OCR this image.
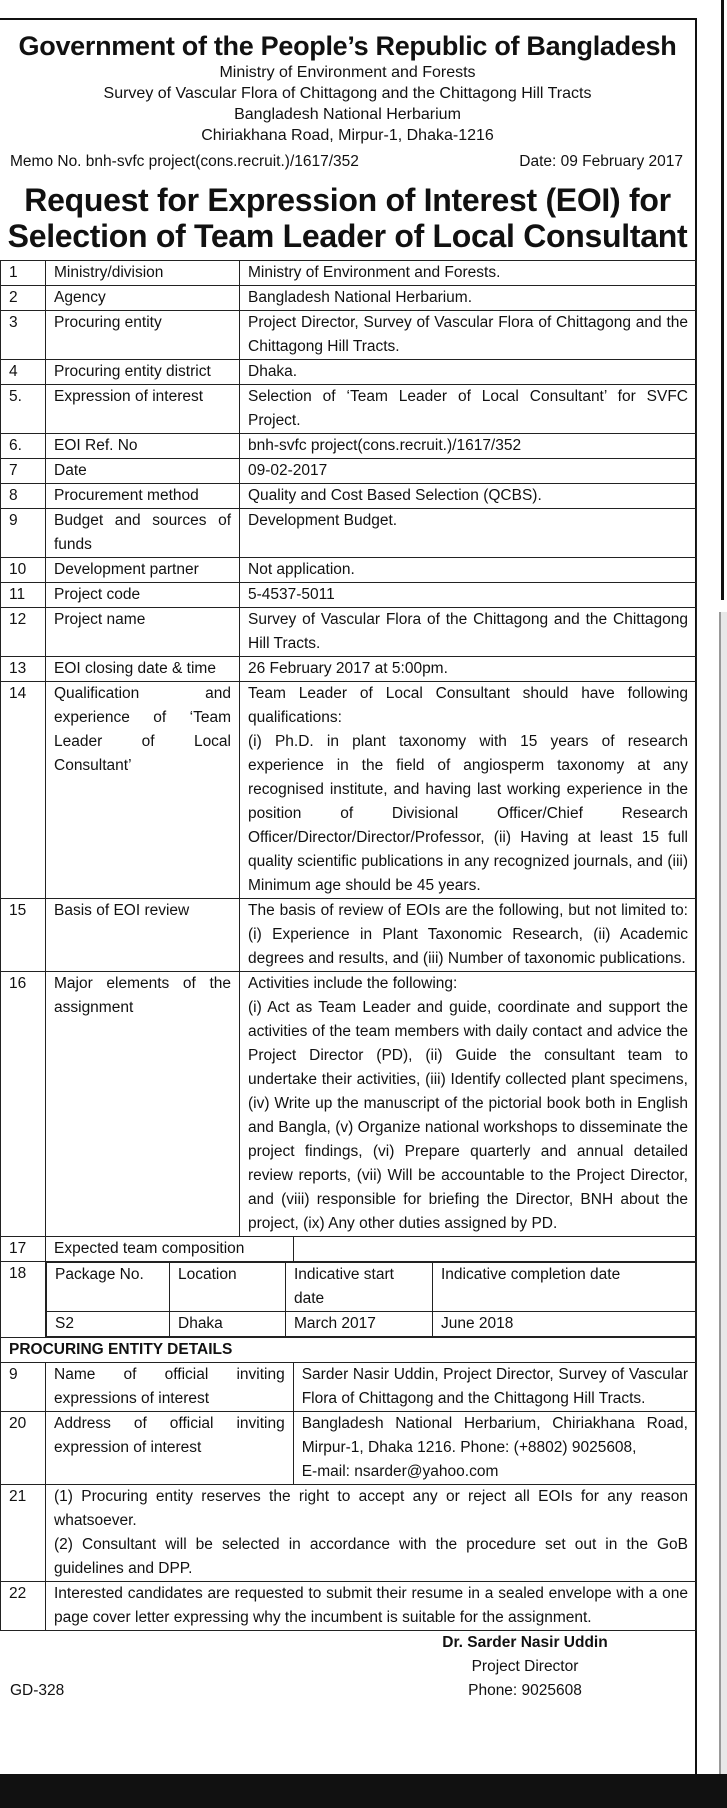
Government of the People’s Republic of Bangladesh
Ministry of Environment and Forests
Survey of Vascular Flora of Chittagong and the Chittagong Hill Tracts
Bangladesh National Herbarium
Chiriakhana Road, Mirpur-1, Dhaka-1216
Memo No. bnh-svfc project(cons.recruit.)/1617/352	Date: 09 February 2017
Request for Expression of Interest (EOI) for
Selection of Team Leader of Local Consultant
1	Ministry/division	Ministry of Environment and Forests.
2	Agency	Bangladesh National Herbarium.
3	Procuring entity	Project Director, Survey of Vascular Flora of Chittagong and the Chittagong Hill Tracts.
4	Procuring entity district	Dhaka.
5.	Expression of interest	Selection of ‘Team Leader of Local Consultant’ for SVFC Project.
6.	EOI Ref. No	bnh-svfc project(cons.recruit.)/1617/352
7	Date	09-02-2017
8	Procurement method	Quality and Cost Based Selection (QCBS).
9	Budget and sources of funds	Development Budget.
10	Development partner	Not application.
11	Project code	5-4537-5011
12	Project name	Survey of Vascular Flora of the Chittagong and the Chittagong Hill Tracts.
13	EOI closing date & time	26 February 2017 at 5:00pm.
14	Qualification and experience of ‘Team Leader of Local Consultant’	
Team Leader of Local Consultant should have following qualifications:
(i) Ph.D. in plant taxonomy with 15 years of research experience in the field of angiosperm taxonomy at any recognised institute, and having last working experience in the position of Divisional Officer/Chief Research Officer/Director/Director/Professor, (ii) Having at least 15 full quality scientific publications in any recognized journals, and (iii) Minimum age should be 45 years.

15	Basis of EOI review	The basis of review of EOIs are the following, but not limited to: (i) Experience in Plant Taxonomic Research, (ii) Academic degrees and results, and (iii) Number of taxonomic publications.
16	Major elements of the assignment	
Activities include the following:
(i) Act as Team Leader and guide, coordinate and support the activities of the team members with daily contact and advice the Project Director (PD), (ii) Guide the consultant team to undertake their activities, (iii) Identify collected plant specimens, (iv) Write up the manuscript of the pictorial book both in English and Bangla, (v) Organize national workshops to disseminate the project findings, (vi) Prepare quarterly and annual detailed review reports, (vii) Will be accountable to the Project Director, and (viii) responsible for briefing the Director, BNH about the project, (ix) Any other duties assigned by PD.

17	Expected team composition	
18	Package No.	Location	Indicative start date	Indicative completion date
S2	Dhaka	March 2017	June 2018

PROCURING ENTITY DETAILS
9	Name of official inviting expressions of interest	Sarder Nasir Uddin, Project Director, Survey of Vascular Flora of Chittagong and the Chittagong Hill Tracts.
20	Address of official inviting expression of interest	
Bangladesh National Herbarium, Chiriakhana Road, Mirpur-1, Dhaka 1216. Phone: (+8802) 9025608,
E-mail: nsarder@yahoo.com

21	(1) Procuring entity reserves the right to accept any or reject all EOIs for any reason whatsoever.
(2) Consultant will be selected in accordance with the procedure set out in the GoB guidelines and DPP.

22	Interested candidates are requested to submit their resume in a sealed envelope with a one page cover letter expressing why the incumbent is suitable for the assignment.
Dr. Sarder Nasir Uddin
Project Director
GD-328	Phone: 9025608
